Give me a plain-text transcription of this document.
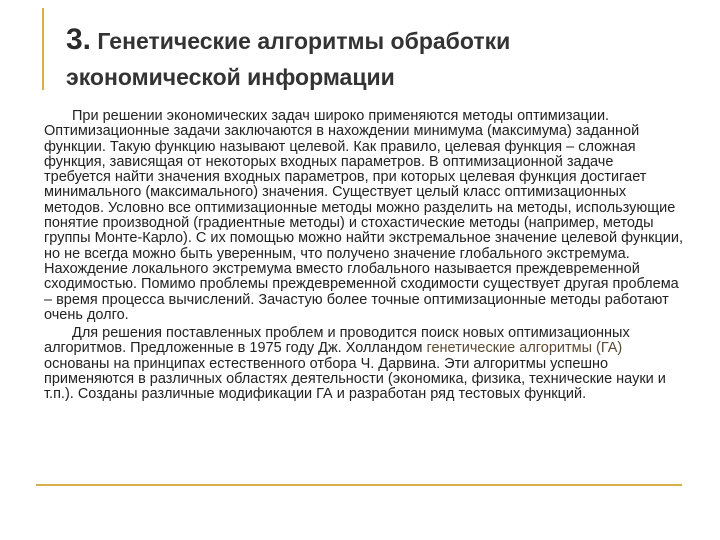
3. Генетические алгоритмы обработки экономической информации

При решении экономических задач широко применяются методы оптимизации. Оптимизационные задачи заключаются в нахождении минимума (максимума) заданной функции. Такую функцию называют целевой. Как правило, целевая функция – сложная функция, зависящая от некоторых входных параметров. В оптимизационной задаче требуется найти значения входных параметров, при которых целевая функция достигает минимального (максимального) значения. Существует целый класс оптимизационных методов. Условно все оптимизационные методы можно разделить на методы, использующие понятие производной (градиентные методы) и стохастические методы (например, методы группы Монте-Карло). С их помощью можно найти экстремальное значение целевой функции, но не всегда можно быть уверенным, что получено значение глобального экстремума. Нахождение локального экстремума вместо глобального называется преждевременной сходимостью. Помимо проблемы преждевременной сходимости существует другая проблема – время процесса вычислений. Зачастую более точные оптимизационные методы работают очень долго.

Для решения поставленных проблем и проводится поиск новых оптимизационных алгоритмов. Предложенные в 1975 году Дж. Холландом генетические алгоритмы (ГА) основаны на принципах естественного отбора Ч. Дарвина. Эти алгоритмы успешно применяются в различных областях деятельности (экономика, физика, технические науки и т.п.). Созданы различные модификации ГА и разработан ряд тестовых функций.
